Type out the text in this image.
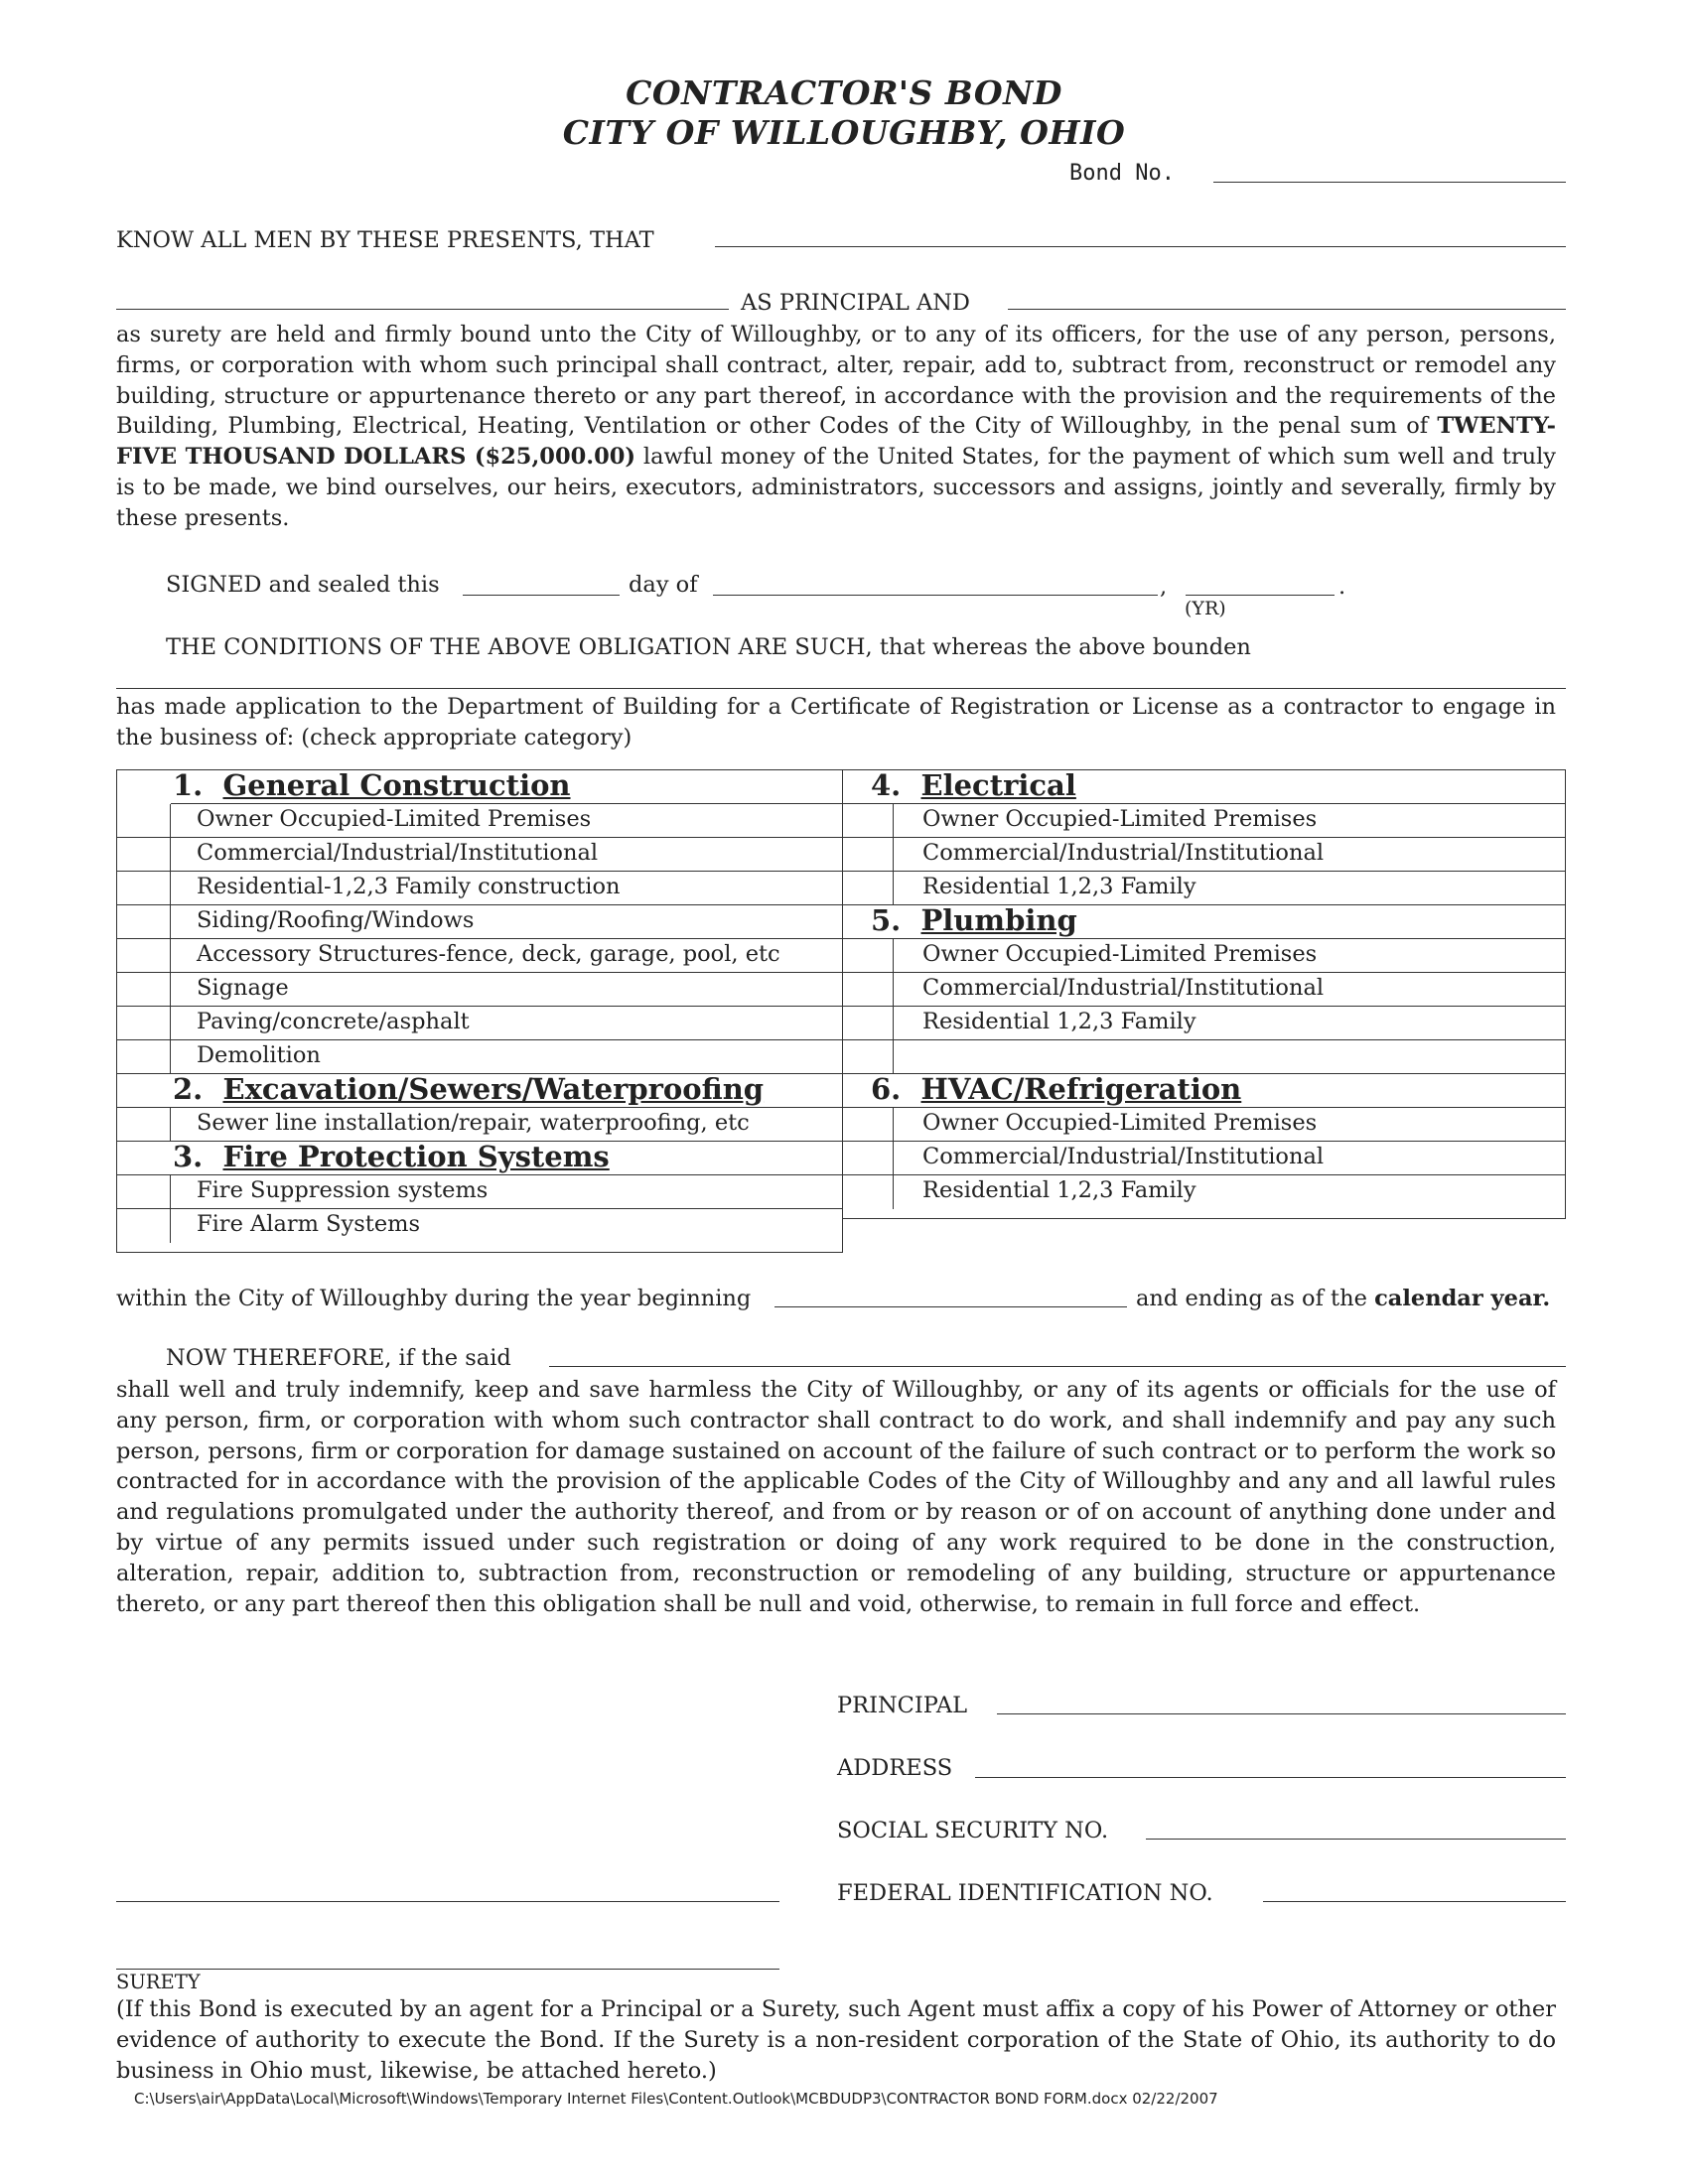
CONTRACTOR'S BOND
CITY OF WILLOUGHBY, OHIO
Bond No.
KNOW ALL MEN BY THESE PRESENTS, THAT
AS PRINCIPAL AND
as surety are held and firmly bound unto the City of Willoughby, or to any of its officers, for the use of any person, persons, firms, or corporation with whom such principal shall contract, alter, repair, add to, subtract from, reconstruct or remodel any building, structure or appurtenance thereto or any part thereof, in accordance with the provision and the requirements of the Building, Plumbing, Electrical, Heating, Ventilation or other Codes of the City of Willoughby, in the penal sum of TWENTY-FIVE THOUSAND DOLLARS ($25,000.00) lawful money of the United States, for the payment of which sum well and truly is to be made, we bind ourselves, our heirs, executors, administrators, successors and assigns, jointly and severally, firmly by these presents.
SIGNED and sealed this	day of	,	.
(YR)
THE CONDITIONS OF THE ABOVE OBLIGATION ARE SUCH, that whereas the above bounden
has made application to the Department of Building for a Certificate of Registration or License as a contractor to engage in the business of: (check appropriate category)
1. General Construction
Owner Occupied-Limited Premises
Commercial/Industrial/Institutional
Residential-1,2,3 Family construction
Siding/Roofing/Windows
Accessory Structures-fence, deck, garage, pool, etc
Signage
Paving/concrete/asphalt
Demolition
2. Excavation/Sewers/Waterproofing
Sewer line installation/repair, waterproofing, etc
3. Fire Protection Systems
Fire Suppression systems
Fire Alarm Systems
4. Electrical
Owner Occupied-Limited Premises
Commercial/Industrial/Institutional
Residential 1,2,3 Family
5. Plumbing
Owner Occupied-Limited Premises
Commercial/Industrial/Institutional
Residential 1,2,3 Family
6. HVAC/Refrigeration
Owner Occupied-Limited Premises
Commercial/Industrial/Institutional
Residential 1,2,3 Family
within the City of Willoughby during the year beginning	and ending as of the calendar year.
NOW THEREFORE, if the said
shall well and truly indemnify, keep and save harmless the City of Willoughby, or any of its agents or officials for the use of any person, firm, or corporation with whom such contractor shall contract to do work, and shall indemnify and pay any such person, persons, firm or corporation for damage sustained on account of the failure of such contract or to perform the work so contracted for in accordance with the provision of the applicable Codes of the City of Willoughby and any and all lawful rules and regulations promulgated under the authority thereof, and from or by reason or of on account of anything done under and by virtue of any permits issued under such registration or doing of any work required to be done in the construction, alteration, repair, addition to, subtraction from, reconstruction or remodeling of any building, structure or appurtenance thereto, or any part thereof then this obligation shall be null and void, otherwise, to remain in full force and effect.
PRINCIPAL
ADDRESS
SOCIAL SECURITY NO.
FEDERAL IDENTIFICATION NO.
SURETY
(If this Bond is executed by an agent for a Principal or a Surety, such Agent must affix a copy of his Power of Attorney or other evidence of authority to execute the Bond. If the Surety is a non-resident corporation of the State of Ohio, its authority to do business in Ohio must, likewise, be attached hereto.)
C:\Users\air\AppData\Local\Microsoft\Windows\Temporary Internet Files\Content.Outlook\MCBDUDP3\CONTRACTOR BOND FORM.docx 02/22/2007
